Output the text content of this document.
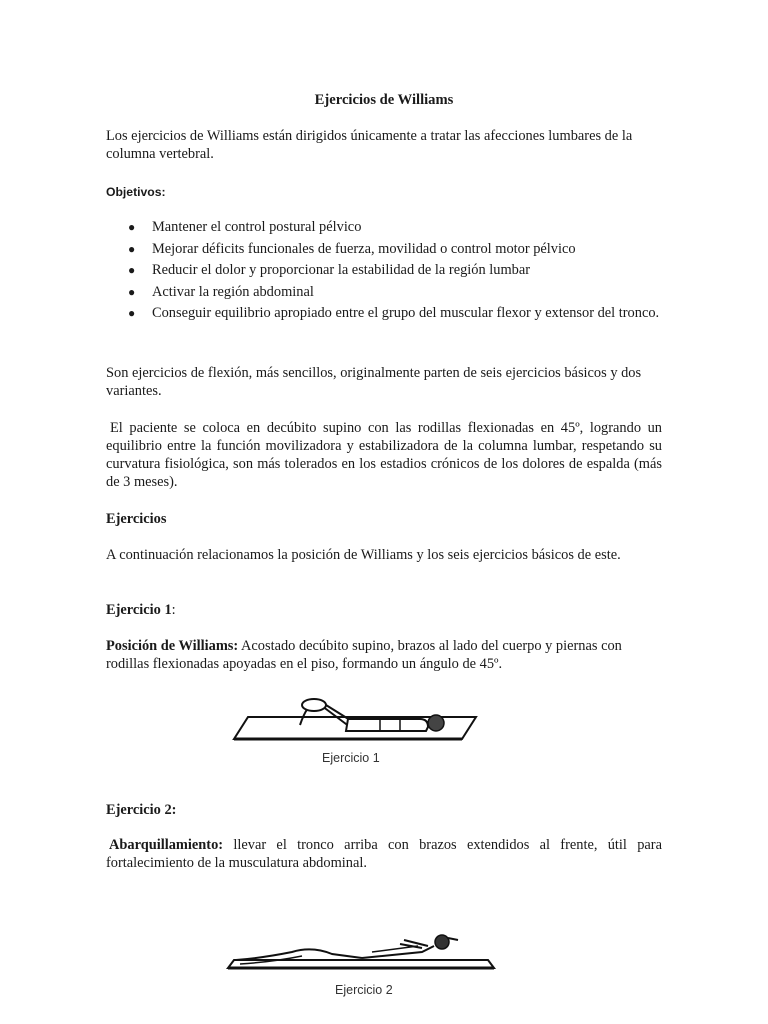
Ejercicios de Williams

Los ejercicios de Williams están dirigidos únicamente a tratar las afecciones lumbares de la columna vertebral.

Objetivos:

● Mantener el control postural pélvico
● Mejorar déficits funcionales de fuerza, movilidad o control motor pélvico
● Reducir el dolor y proporcionar la estabilidad de la región lumbar
● Activar la región abdominal
● Conseguir equilibrio apropiado entre el grupo del muscular flexor y extensor del tronco.

Son ejercicios de flexión, más sencillos, originalmente parten de seis ejercicios básicos y dos variantes.

El paciente se coloca en decúbito supino con las rodillas flexionadas en 45º, logrando un equilibrio entre la función movilizadora y estabilizadora de la columna lumbar, respetando su curvatura fisiológica, son más tolerados en los estadios crónicos de los dolores de espalda (más de 3 meses).

Ejercicios

A continuación relacionamos la posición de Williams y los seis ejercicios básicos de este.

Ejercicio 1:

Posición de Williams: Acostado decúbito supino, brazos al lado del cuerpo y piernas con rodillas flexionadas apoyadas en el piso, formando un ángulo de 45º.

Ejercicio 1

Ejercicio 2:

Abarquillamiento: llevar el tronco arriba con brazos extendidos al frente, útil para fortalecimiento de la musculatura abdominal.

Ejercicio 2
